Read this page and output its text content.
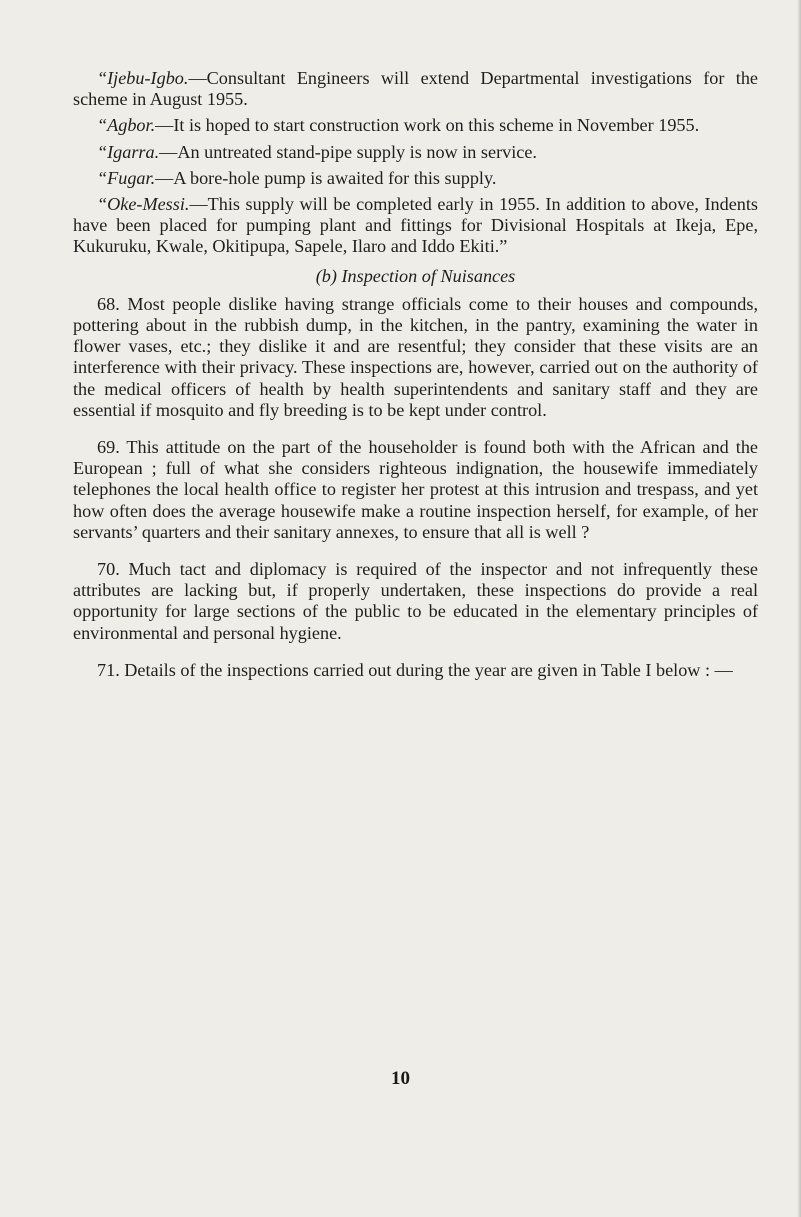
“Ijebu-Igbo.—Consultant Engineers will extend Departmental investigations for the scheme in August 1955.

“Agbor.—It is hoped to start construction work on this scheme in November 1955.

“Igarra.—An untreated stand-pipe supply is now in service.

“Fugar.—A bore-hole pump is awaited for this supply.

“Oke-Messi.—This supply will be completed early in 1955. In addition to above, Indents have been placed for pumping plant and fittings for Divisional Hospitals at Ikeja, Epe, Kukuruku, Kwale, Okitipupa, Sapele, Ilaro and Iddo Ekiti.”

(b) Inspection of Nuisances

68. Most people dislike having strange officials come to their houses and compounds, pottering about in the rubbish dump, in the kitchen, in the pantry, examining the water in flower vases, etc.; they dislike it and are resentful; they consider that these visits are an interference with their privacy. These inspections are, however, carried out on the authority of the medical officers of health by health superintendents and sanitary staff and they are essential if mosquito and fly breeding is to be kept under control.

69. This attitude on the part of the householder is found both with the African and the European ; full of what she considers righteous indignation, the housewife immediately telephones the local health office to register her protest at this intrusion and trespass, and yet how often does the average housewife make a routine inspection herself, for example, of her servants’ quarters and their sanitary annexes, to ensure that all is well ?

70. Much tact and diplomacy is required of the inspector and not infrequently these attributes are lacking but, if properly undertaken, these inspections do provide a real opportunity for large sections of the public to be educated in the elementary principles of environmental and personal hygiene.

71. Details of the inspections carried out during the year are given in Table I below : —

10
